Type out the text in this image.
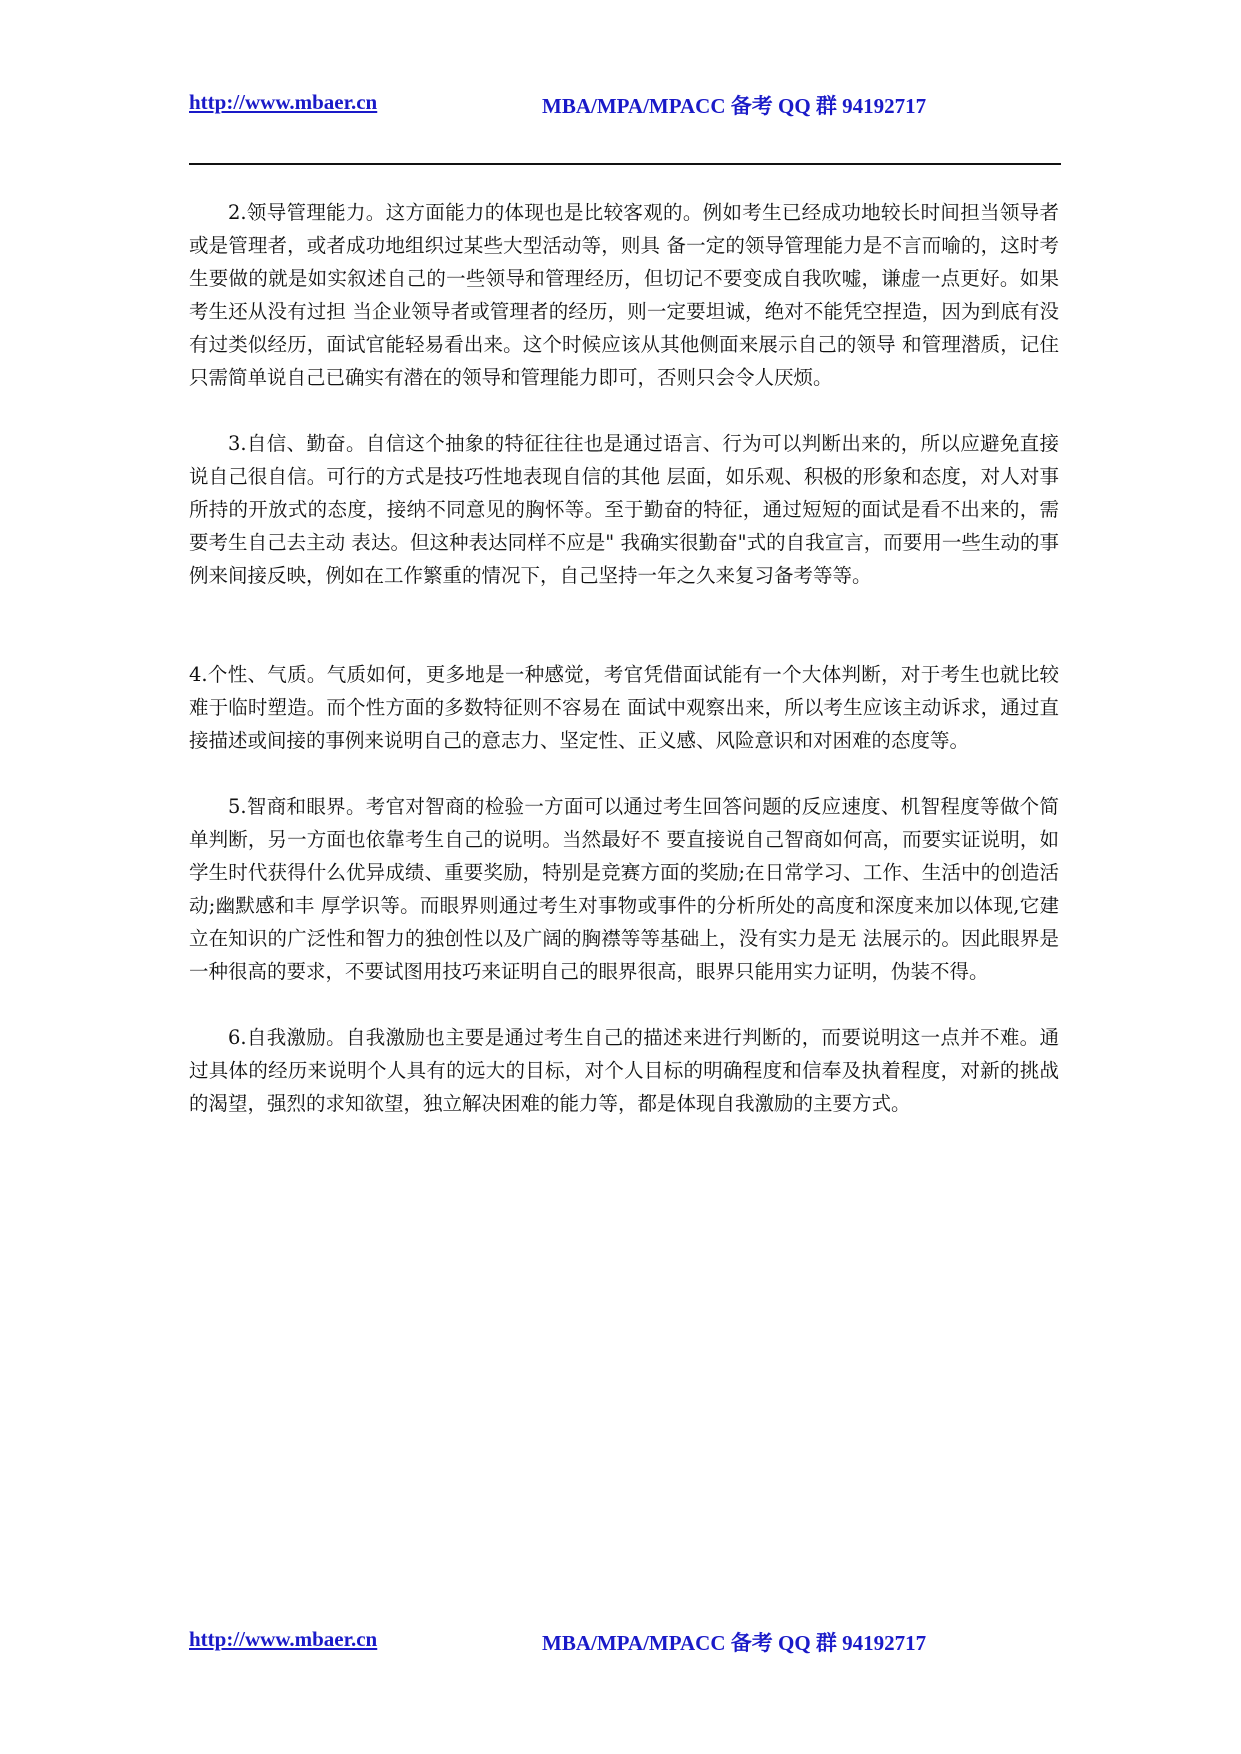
http://www.mbaer.cn	MBA/MPA/MPACC 备考 QQ 群 94192717

2.领导管理能力。这方面能力的体现也是比较客观的。例如考生已经成功地较长时间担当领导者或是管理者，或者成功地组织过某些大型活动等，则具 备一定的领导管理能力是不言而喻的，这时考生要做的就是如实叙述自己的一些领导和管理经历，但切记不要变成自我吹嘘，谦虚一点更好。如果考生还从没有过担 当企业领导者或管理者的经历，则一定要坦诚，绝对不能凭空捏造，因为到底有没有过类似经历，面试官能轻易看出来。这个时候应该从其他侧面来展示自己的领导 和管理潜质，记住只需简单说自己已确实有潜在的领导和管理能力即可，否则只会令人厌烦。

3.自信、勤奋。自信这个抽象的特征往往也是通过语言、行为可以判断出来的，所以应避免直接说自己很自信。可行的方式是技巧性地表现自信的其他 层面，如乐观、积极的形象和态度，对人对事所持的开放式的态度，接纳不同意见的胸怀等。至于勤奋的特征，通过短短的面试是看不出来的，需要考生自己去主动 表达。但这种表达同样不应是" 我确实很勤奋"式的自我宣言，而要用一些生动的事例来间接反映，例如在工作繁重的情况下，自己坚持一年之久来复习备考等等。

4.个性、气质。气质如何，更多地是一种感觉，考官凭借面试能有一个大体判断，对于考生也就比较难于临时塑造。而个性方面的多数特征则不容易在 面试中观察出来，所以考生应该主动诉求，通过直接描述或间接的事例来说明自己的意志力、坚定性、正义感、风险意识和对困难的态度等。

5.智商和眼界。考官对智商的检验一方面可以通过考生回答问题的反应速度、机智程度等做个简单判断，另一方面也依靠考生自己的说明。当然最好不 要直接说自己智商如何高，而要实证说明，如学生时代获得什么优异成绩、重要奖励，特别是竞赛方面的奖励;在日常学习、工作、生活中的创造活动;幽默感和丰 厚学识等。而眼界则通过考生对事物或事件的分析所处的高度和深度来加以体现,它建立在知识的广泛性和智力的独创性以及广阔的胸襟等等基础上，没有实力是无 法展示的。因此眼界是一种很高的要求，不要试图用技巧来证明自己的眼界很高，眼界只能用实力证明，伪装不得。

6.自我激励。自我激励也主要是通过考生自己的描述来进行判断的，而要说明这一点并不难。通过具体的经历来说明个人具有的远大的目标，对个人目标的明确程度和信奉及执着程度，对新的挑战的渴望，强烈的求知欲望，独立解决困难的能力等，都是体现自我激励的主要方式。

http://www.mbaer.cn	MBA/MPA/MPACC 备考 QQ 群 94192717
